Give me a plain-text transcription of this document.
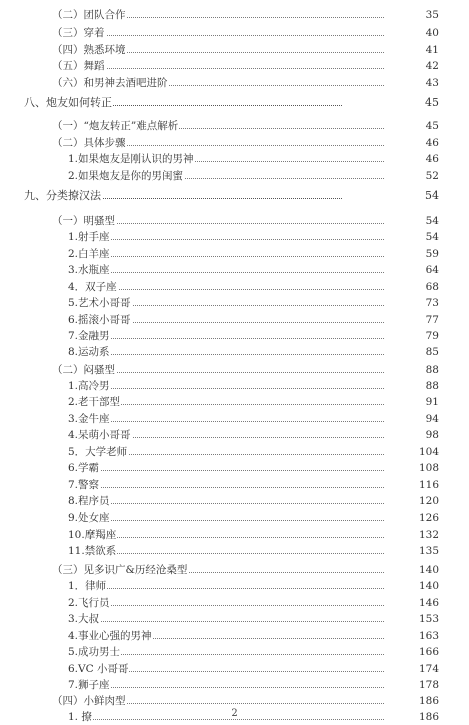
（二）团队合作	35
（三）穿着	40
（四）熟悉环境	41
（五）舞蹈	42
（六）和男神去酒吧进阶	43
八、炮友如何转正	45
（一）“炮友转正”难点解析	45
（二）具体步骤	46
1.如果炮友是刚认识的男神	46
2.如果炮友是你的男闺蜜	52
九、分类撩汉法	54
（一）明骚型	54
1.射手座	54
2.白羊座	59
3.水瓶座	64
4．双子座	68
5.艺术小哥哥	73
6.摇滚小哥哥	77
7.金融男	79
8.运动系	85
（二）闷骚型	88
1.高冷男	88
2.老干部型	91
3.金牛座	94
4.呆萌小哥哥	98
5．大学老师	104
6.学霸	108
7.警察	116
8.程序员	120
9.处女座	126
10.摩羯座	132
11.禁欲系	135
（三）见多识广&历经沧桑型	140
1．律师	140
2.飞行员	146
3.大叔	153
4.事业心强的男神	163
5.成功男士	166
6.VC 小哥哥	174
7.狮子座	178
（四）小鲜肉型	186
1. 撩	186
2
